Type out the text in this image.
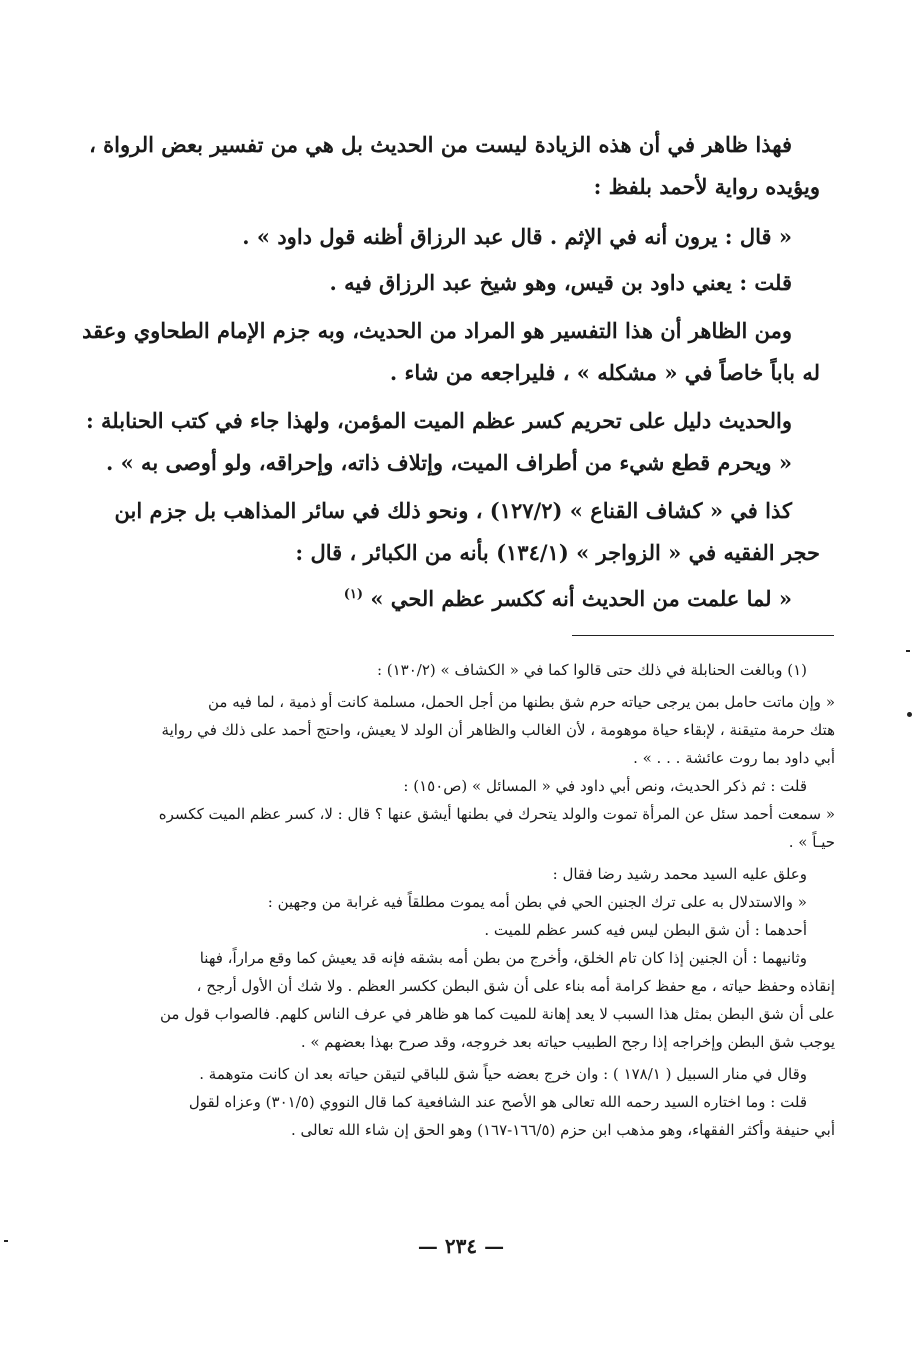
فهذا ظاهر في أن هذه الزيادة ليست من الحديث بل هي من تفسير بعض الرواة ،

ويؤيده رواية لأحمد بلفظ :

« قال : يرون أنه في الإثم . قال عبد الرزاق أظنه قول داود » .

قلت : يعني داود بن قيس، وهو شيخ عبد الرزاق فيه .

ومن الظاهر أن هذا التفسير هو المراد من الحديث، وبه جزم الإمام الطحاوي وعقد

له باباً خاصاً في « مشكله » ، فليراجعه من شاء .

والحديث دليل على تحريم كسر عظم الميت المؤمن، ولهذا جاء في كتب الحنابلة :

« ويحرم قطع شيء من أطراف الميت، وإتلاف ذاته، وإحراقه، ولو أوصى به » .

كذا في « كشاف القناع » (١٢٧/٢) ، ونحو ذلك في سائر المذاهب بل جزم ابن

حجر الفقيه في « الزواجر » (١٣٤/١) بأنه من الكبائر ، قال :

« لما علمت من الحديث أنه ككسر عظم الحي » $^{(١)}$

(١) وبالغت الحنابلة في ذلك حتى قالوا كما في « الكشاف » (١٣٠/٢) :

« وإن ماتت حامل بمن يرجى حياته حرم شق بطنها من أجل الحمل، مسلمة كانت أو ذمية ، لما فيه من

هتك حرمة متيقنة ، لإبقاء حياة موهومة ، لأن الغالب والظاهر أن الولد لا يعيش، واحتج أحمد على ذلك في رواية

أبي داود بما روت عائشة . . . » .

قلت : ثم ذكر الحديث، ونص أبي داود في « المسائل » (ص١٥٠) :

« سمعت أحمد سئل عن المرأة تموت والولد يتحرك في بطنها أيشق عنها ؟ قال : لا، كسر عظم الميت ككسره

حيـاً » .

وعلق عليه السيد محمد رشيد رضا فقال :

« والاستدلال به على ترك الجنين الحي في بطن أمه يموت مطلقاً فيه غرابة من وجهين :

أحدهما : أن شق البطن ليس فيه كسر عظم للميت .

وثانيهما : أن الجنين إذا كان تام الخلق، وأخرج من بطن أمه بشقه فإنه قد يعيش كما وقع مراراً، فهنا

إنقاذه وحفظ حياته ، مع حفظ كرامة أمه بناء على أن شق البطن ككسر العظم . ولا شك أن الأول أرجح ،

على أن شق البطن بمثل هذا السبب لا يعد إهانة للميت كما هو ظاهر في عرف الناس كلهم. فالصواب قول من

يوجب شق البطن وإخراجه إذا رجح الطبيب حياته بعد خروجه، وقد صرح بهذا بعضهم » .

وقال في منار السبيل ( ١٧٨/١ ) : وان خرج بعضه حياً شق للباقي لتيقن حياته بعد ان كانت متوهمة .

قلت : وما اختاره السيد رحمه الله تعالى هو الأصح عند الشافعية كما قال النووي (٣٠١/٥) وعزاه لقول

أبي حنيفة وأكثر الفقهاء، وهو مذهب ابن حزم (١٦٦/٥-١٦٧) وهو الحق إن شاء الله تعالى .

— ٢٣٤ —
